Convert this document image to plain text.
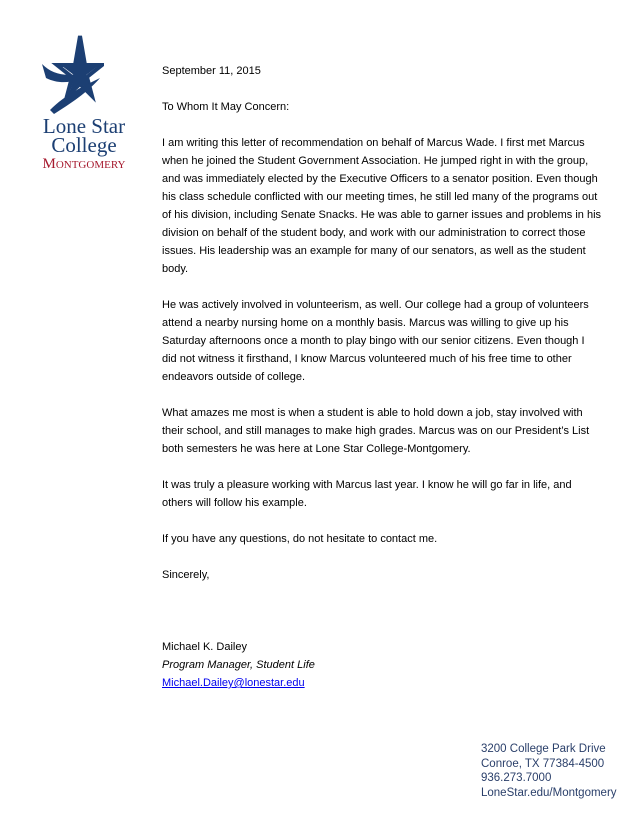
Lone Star
College
Montgomery

September 11, 2015

To Whom It May Concern:

I am writing this letter of recommendation on behalf of Marcus Wade. I first met Marcus when he joined the Student Government Association. He jumped right in with the group, and was immediately elected by the Executive Officers to a senator position. Even though his class schedule conflicted with our meeting times, he still led many of the programs out of his division, including Senate Snacks. He was able to garner issues and problems in his division on behalf of the student body, and work with our administration to correct those issues. His leadership was an example for many of our senators, as well as the student body.

He was actively involved in volunteerism, as well. Our college had a group of volunteers attend a nearby nursing home on a monthly basis. Marcus was willing to give up his Saturday afternoons once a month to play bingo with our senior citizens. Even though I did not witness it firsthand, I know Marcus volunteered much of his free time to other endeavors outside of college.

What amazes me most is when a student is able to hold down a job, stay involved with their school, and still manages to make high grades. Marcus was on our President’s List both semesters he was here at Lone Star College-Montgomery.

It was truly a pleasure working with Marcus last year. I know he will go far in life, and others will follow his example.

If you have any questions, do not hesitate to contact me.

Sincerely,

Michael K. Dailey

Program Manager, Student Life

Michael.Dailey@lonestar.edu

3200 College Park Drive
Conroe, TX 77384-4500
936.273.7000
LoneStar.edu/Montgomery
